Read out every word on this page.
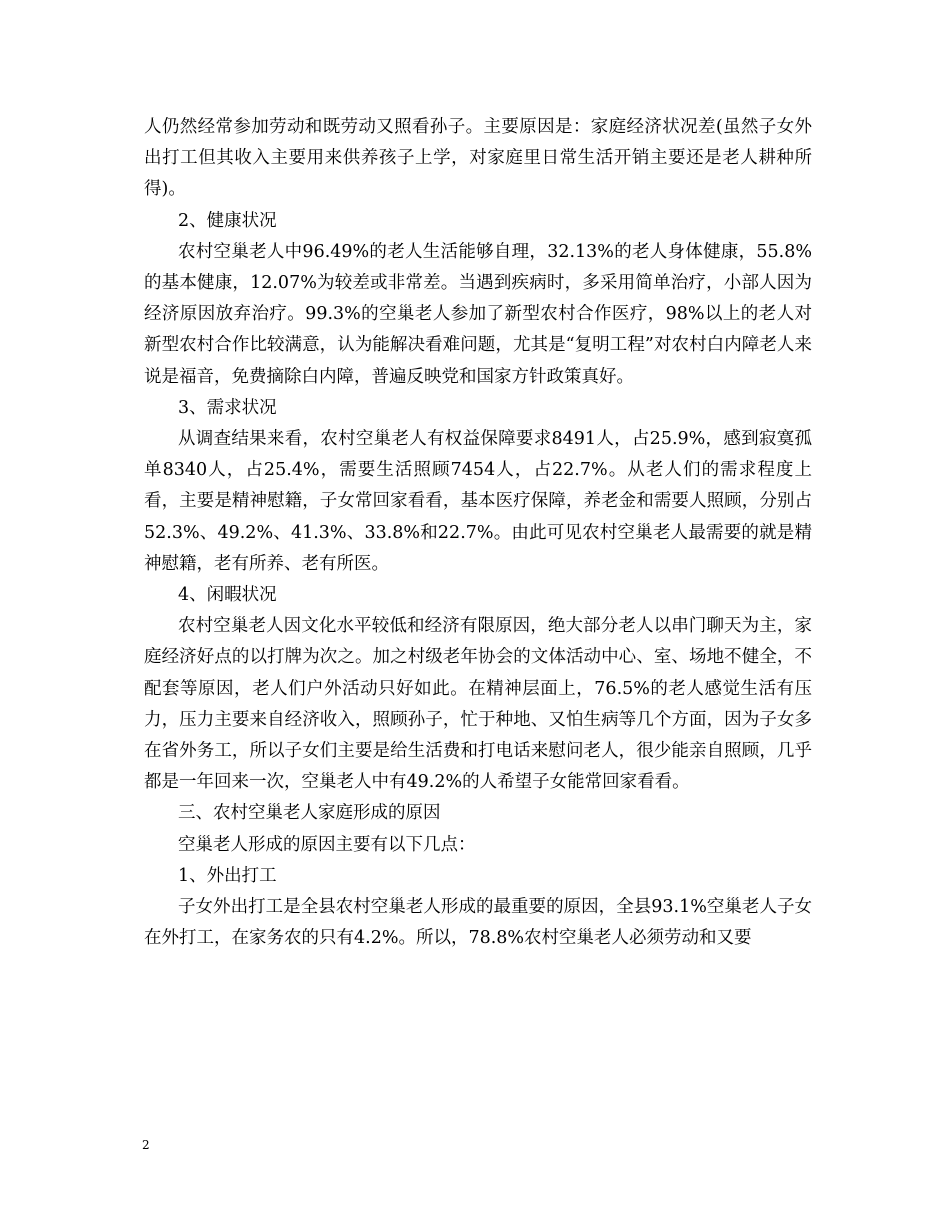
人仍然经常参加劳动和既劳动又照看孙子。主要原因是：家庭经济状况差(虽然子女外出打工但其收入主要用来供养孩子上学，对家庭里日常生活开销主要还是老人耕种所得)。

2、健康状况

农村空巢老人中96.49%的老人生活能够自理，32.13%的老人身体健康，55.8%的基本健康，12.07%为较差或非常差。当遇到疾病时，多采用简单治疗，小部人因为经济原因放弃治疗。99.3%的空巢老人参加了新型农村合作医疗，98%以上的老人对新型农村合作比较满意，认为能解决看难问题，尤其是“复明工程”对农村白内障老人来说是福音，免费摘除白内障，普遍反映党和国家方针政策真好。

3、需求状况

从调查结果来看，农村空巢老人有权益保障要求8491人，占25.9%，感到寂寞孤单8340人，占25.4%，需要生活照顾7454人，占22.7%。从老人们的需求程度上看，主要是精神慰籍，子女常回家看看，基本医疗保障，养老金和需要人照顾，分别占52.3%、49.2%、41.3%、33.8%和22.7%。由此可见农村空巢老人最需要的就是精神慰籍，老有所养、老有所医。

4、闲暇状况

农村空巢老人因文化水平较低和经济有限原因，绝大部分老人以串门聊天为主，家庭经济好点的以打牌为次之。加之村级老年协会的文体活动中心、室、场地不健全，不配套等原因，老人们户外活动只好如此。在精神层面上，76.5%的老人感觉生活有压力，压力主要来自经济收入，照顾孙子，忙于种地、又怕生病等几个方面，因为子女多在省外务工，所以子女们主要是给生活费和打电话来慰问老人，很少能亲自照顾，几乎都是一年回来一次，空巢老人中有49.2%的人希望子女能常回家看看。

三、农村空巢老人家庭形成的原因

空巢老人形成的原因主要有以下几点：

1、外出打工

子女外出打工是全县农村空巢老人形成的最重要的原因，全县93.1%空巢老人子女在外打工，在家务农的只有4.2%。所以，78.8%农村空巢老人必须劳动和又要

2
